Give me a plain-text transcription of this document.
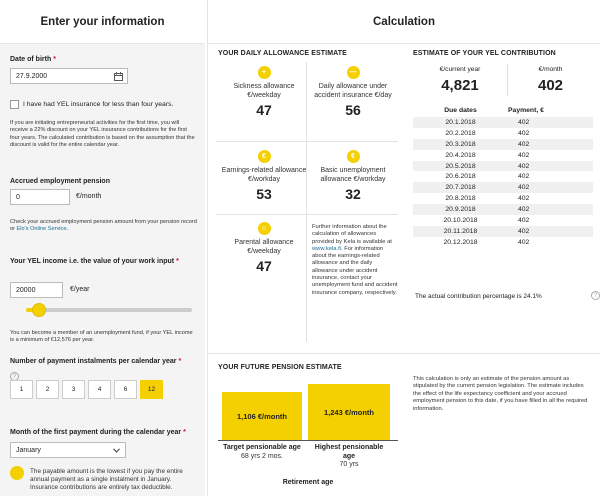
Enter your information
Date of birth *
27.9.2000
I have had YEL insurance for less than four years.
If you are initiating entrepreneurial activities for the first time, you will receive a 22% discount on your YEL insurance contributions for the first four years. The calculated contribution is based on the assumption that the discount is valid for the entire calendar year.
Accrued employment pension
0	€/month
Check your accrued employment pension amount from your pension record or Elo's Online Service.
Your YEL income i.e. the value of your work input *
20000	€/year
You can become a member of an unemployment fund, if your YEL income is a minimum of €12,576 per year.
Number of payment instalments per calendar year *
?
1	2	3	4	6	12
Month of the first payment during the calendar year *
January
The payable amount is the lowest if you pay the entire annual payment as a single instalment in January. Insurance contributions are entirely tax deductible.
Calculation
YOUR DAILY ALLOWANCE ESTIMATE
+
Sickness allowance €/weekday
47
—
Daily allowance under accident insurance €/day
56
€
Earnings-related allowance €/workday
53
€
Basic unemployment allowance €/workday
32
☺
Parental allowance €/weekday
47
Further information about the calculation of allowances provided by Kela is available at www.kela.fi. For information about the earnings-related allowance and the daily allowance under accident insurance, contact your unemployment fund and accident insurance company, respectively.
ESTIMATE OF YOUR YEL CONTRIBUTION
€/current year
4,821
€/month
402
Due dates	Payment, €
20.1.2018	402
20.2.2018	402
20.3.2018	402
20.4.2018	402
20.5.2018	402
20.6.2018	402
20.7.2018	402
20.8.2018	402
20.9.2018	402
20.10.2018	402
20.11.2018	402
20.12.2018	402
The actual contribution percentage is 24.1%	?
YOUR FUTURE PENSION ESTIMATE
1,106 €/month	1,243 €/month
Target pensionable age
68 yrs 2 mos.
Highest pensionable age
70 yrs
Retirement age
This calculation is only an estimate of the pension amount as stipulated by the current pension legislation. The estimate includes the effect of the life expectancy coefficient and your accrued employment pension to this date, if you have filled in all the required information.
